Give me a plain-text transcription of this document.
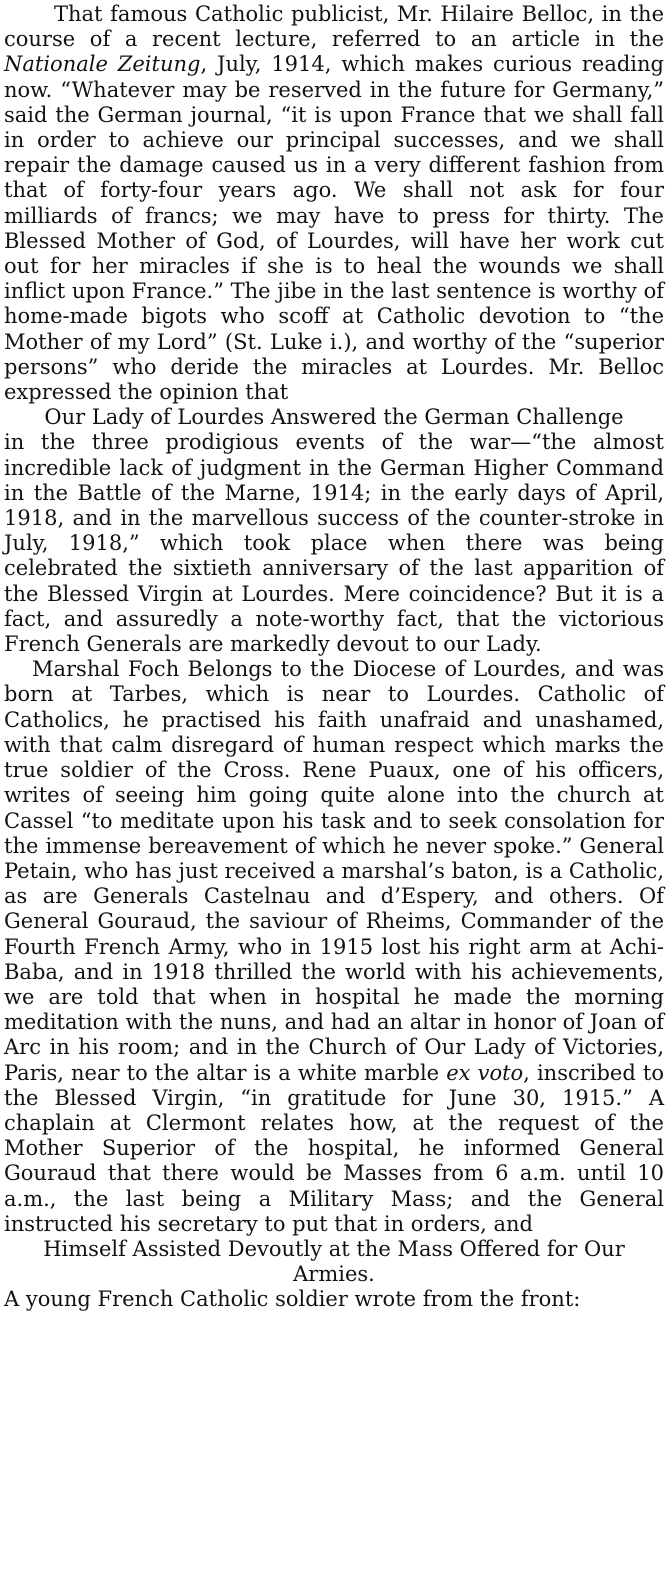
That famous Catholic publicist, Mr. Hilaire Belloc, in the course of a recent lecture, referred to an article in the Nationale Zeitung, July, 1914, which makes curious reading now. “Whatever may be reserved in the future for Germany,” said the German journal, “it is upon France that we shall fall in order to achieve our principal successes, and we shall repair the damage caused us in a very different fashion from that of forty-four years ago. We shall not ask for four milliards of francs; we may have to press for thirty. The Blessed Mother of God, of Lourdes, will have her work cut out for her miracles if she is to heal the wounds we shall inflict upon France.” The jibe in the last sentence is worthy of home-made bigots who scoff at Catholic devotion to “the Mother of my Lord” (St. Luke i.), and worthy of the “superior persons” who deride the miracles at Lourdes. Mr. Belloc expressed the opinion that

Our Lady of Lourdes Answered the German Challenge

in the three prodigious events of the war—“the almost incredible lack of judgment in the German Higher Command in the Battle of the Marne, 1914; in the early days of April, 1918, and in the marvellous success of the counter-stroke in July, 1918,” which took place when there was being celebrated the sixtieth anniversary of the last apparition of the Blessed Virgin at Lourdes. Mere coincidence? But it is a fact, and assuredly a note-worthy fact, that the victorious French Generals are markedly devout to our Lady.

Marshal Foch Belongs to the Diocese of Lourdes, and was born at Tarbes, which is near to Lourdes. Catholic of Catholics, he practised his faith unafraid and unashamed, with that calm disregard of human respect which marks the true soldier of the Cross. Rene Puaux, one of his officers, writes of seeing him going quite alone into the church at Cassel “to meditate upon his task and to seek consolation for the immense bereavement of which he never spoke.” General Petain, who has just received a marshal’s baton, is a Catholic, as are Generals Castelnau and d’Espery, and others. Of General Gouraud, the saviour of Rheims, Commander of the Fourth French Army, who in 1915 lost his right arm at Achi-Baba, and in 1918 thrilled the world with his achievements, we are told that when in hospital he made the morning meditation with the nuns, and had an altar in honor of Joan of Arc in his room; and in the Church of Our Lady of Victories, Paris, near to the altar is a white marble ex voto, inscribed to the Blessed Virgin, “in gratitude for June 30, 1915.” A chaplain at Clermont relates how, at the request of the Mother Superior of the hospital, he informed General Gouraud that there would be Masses from 6 a.m. until 10 a.m., the last being a Military Mass; and the General instructed his secretary to put that in orders, and

Himself Assisted Devoutly at the Mass Offered for Our Armies.

A young French Catholic soldier wrote from the front:
